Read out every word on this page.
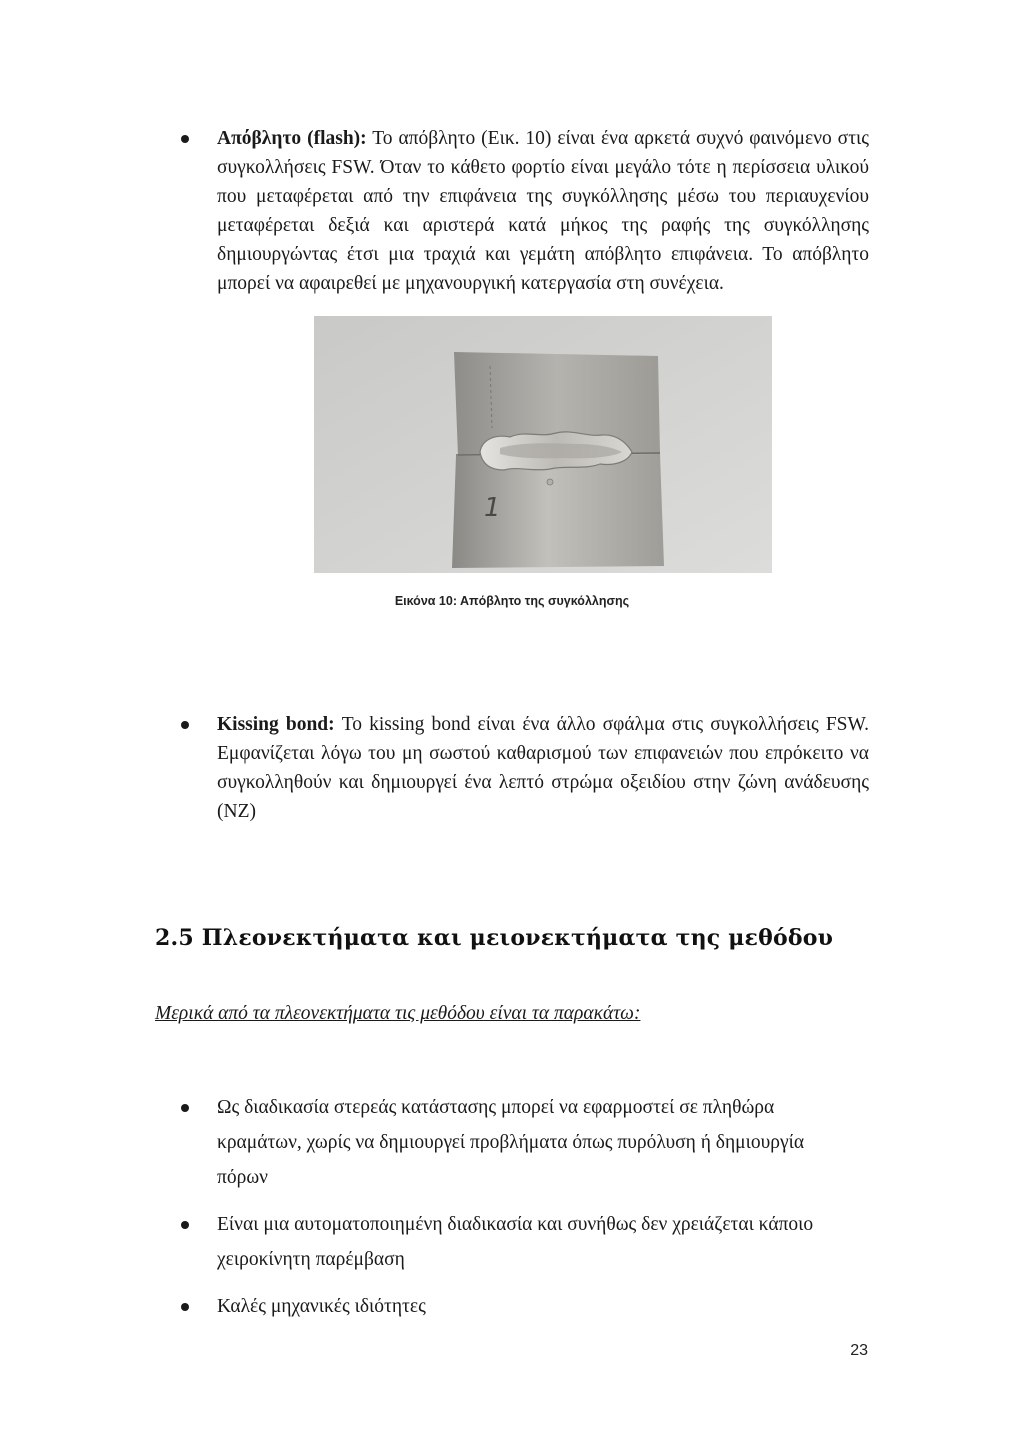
Απόβλητο (flash): Το απόβλητο (Εικ. 10) είναι ένα αρκετά συχνό φαινόμενο στις συγκολλήσεις FSW. Όταν το κάθετο φορτίο είναι μεγάλο τότε η περίσσεια υλικού που μεταφέρεται από την επιφάνεια της συγκόλλησης μέσω του περιαυχενίου μεταφέρεται δεξιά και αριστερά κατά μήκος της ραφής της συγκόλλησης δημιουργώντας έτσι μια τραχιά και γεμάτη απόβλητο επιφάνεια. Το απόβλητο μπορεί να αφαιρεθεί με μηχανουργική κατεργασία στη συνέχεια.

1
Εικόνα 10: Απόβλητο της συγκόλλησης

Kissing bond: Το kissing bond είναι ένα άλλο σφάλμα στις συγκολλήσεις FSW. Εμφανίζεται λόγω του μη σωστού καθαρισμού των επιφανειών που επρόκειτο να συγκολληθούν και δημιουργεί ένα λεπτό στρώμα οξειδίου στην ζώνη ανάδευσης (NZ)

2.5 Πλεονεκτήματα και μειονεκτήματα της μεθόδου

Μερικά από τα πλεονεκτήματα τις μεθόδου είναι τα παρακάτω:

Ως διαδικασία στερεάς κατάστασης μπορεί να εφαρμοστεί σε πληθώρα κραμάτων, χωρίς να δημιουργεί προβλήματα όπως πυρόλυση ή δημιουργία πόρων
Είναι μια αυτοματοποιημένη διαδικασία και συνήθως δεν χρειάζεται κάποιο χειροκίνητη παρέμβαση
Καλές μηχανικές ιδιότητες
23
